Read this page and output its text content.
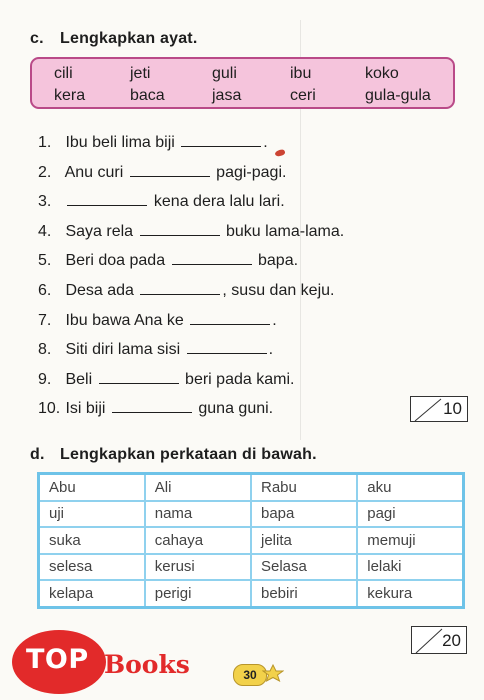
c. Lengkapkan ayat.
cili	jeti	guli	ibu	koko
kera	baca	jasa	ceri	gula-gula
1. Ibu beli lima biji	.
2. Anu curi	pagi-pagi.
3.	kena dera lalu lari.
4. Saya rela	buku lama-lama.
5. Beri doa pada	bapa.
6. Desa ada	, susu dan keju.
7. Ibu bawa Ana ke	.
8. Siti diri lama sisi	.
9. Beli	beri pada kami.
10. Isi biji	guna guni.	10
d. Lengkapkan perkataan di bawah.
Abu	Ali	Rabu	aku
uji	nama	bapa	pagi
suka	cahaya	jelita	memuji
selesa	kerusi	Selasa	lelaki
kelapa	perigi	bebiri	kekura
20
30
TOP Books
